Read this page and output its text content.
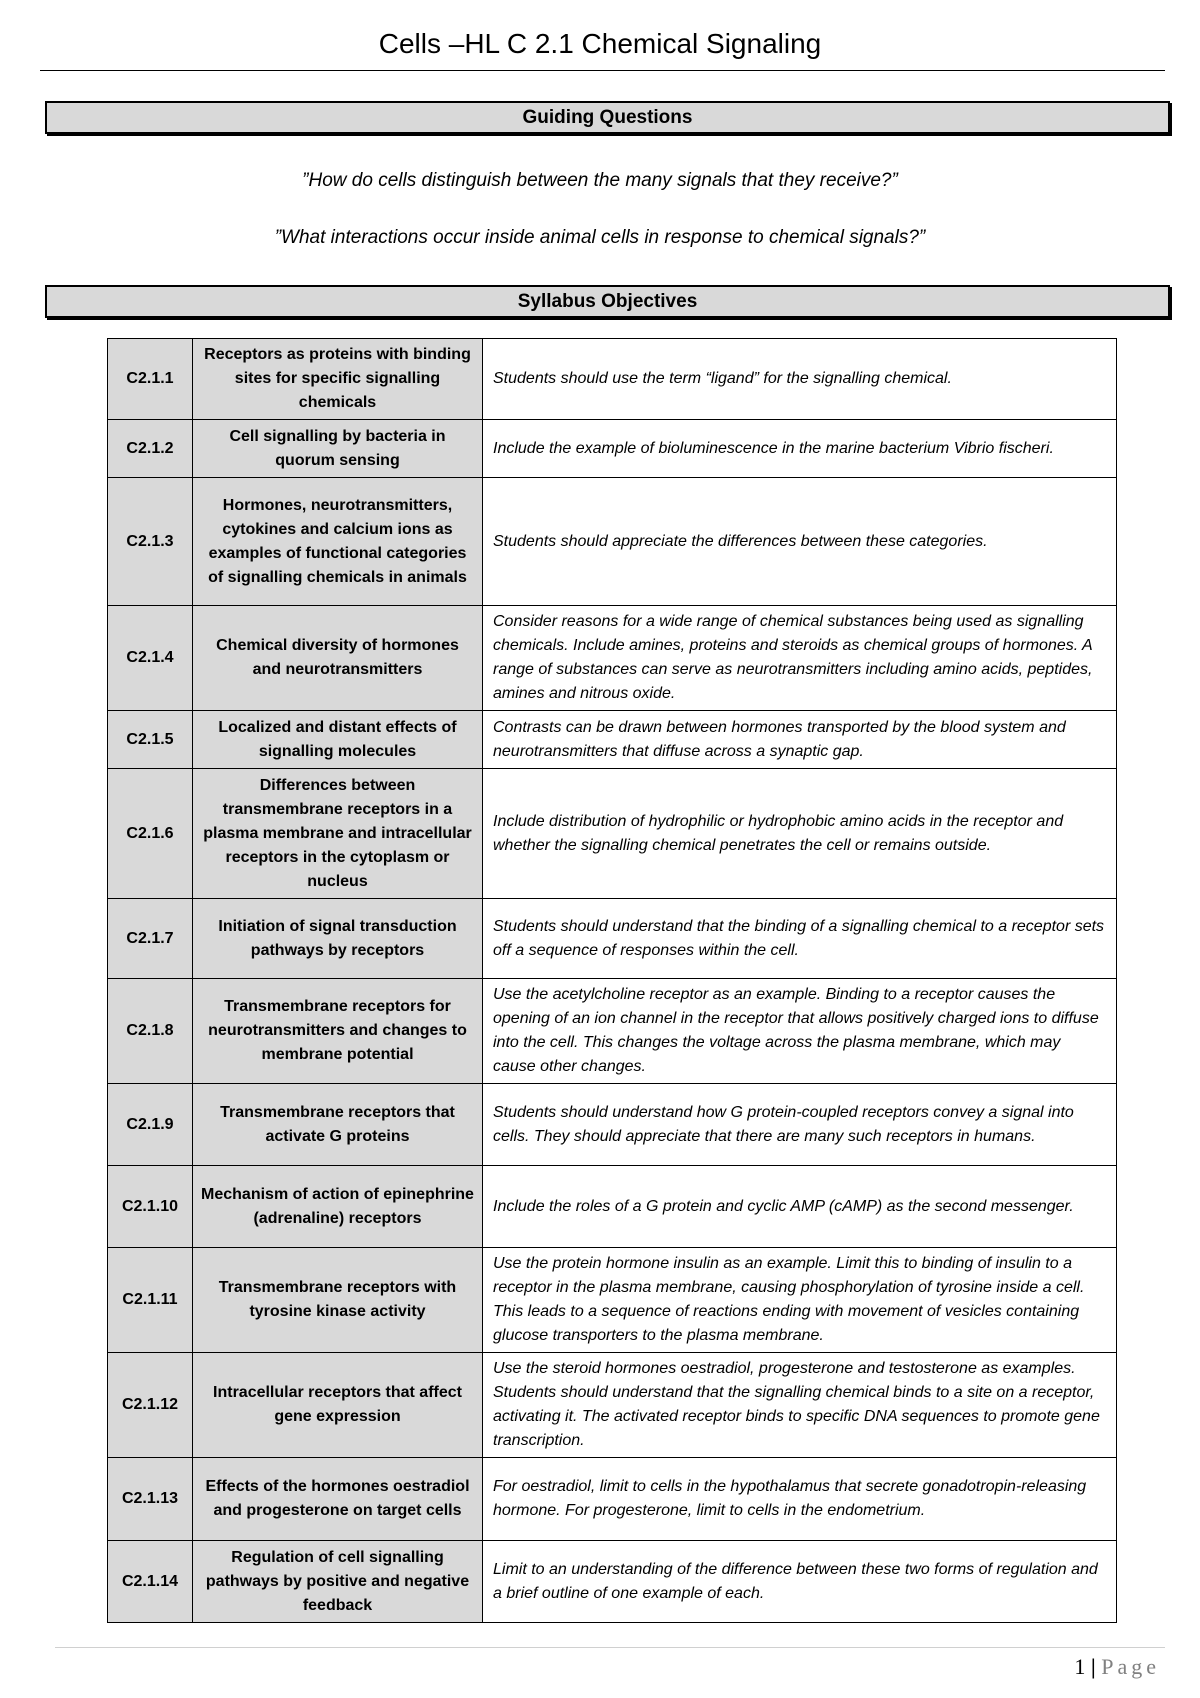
Cells –HL C 2.1 Chemical Signaling
Guiding Questions
”How do cells distinguish between the many signals that they receive?”
”What interactions occur inside animal cells in response to chemical signals?”
Syllabus Objectives
C2.1.1	Receptors as proteins with binding sites for specific signalling chemicals	Students should use the term “ligand” for the signalling chemical.
C2.1.2	Cell signalling by bacteria in quorum sensing	Include the example of bioluminescence in the marine bacterium Vibrio fischeri.
C2.1.3	Hormones, neurotransmitters, cytokines and calcium ions as examples of functional categories of signalling chemicals in animals	Students should appreciate the differences between these categories.
C2.1.4	Chemical diversity of hormones and neurotransmitters	Consider reasons for a wide range of chemical substances being used as signalling chemicals. Include amines, proteins and steroids as chemical groups of hormones. A range of substances can serve as neurotransmitters including amino acids, peptides, amines and nitrous oxide.
C2.1.5	Localized and distant effects of signalling molecules	Contrasts can be drawn between hormones transported by the blood system and neurotransmitters that diffuse across a synaptic gap.
C2.1.6	Differences between transmembrane receptors in a plasma membrane and intracellular receptors in the cytoplasm or nucleus	Include distribution of hydrophilic or hydrophobic amino acids in the receptor and whether the signalling chemical penetrates the cell or remains outside.
C2.1.7	Initiation of signal transduction pathways by receptors	Students should understand that the binding of a signalling chemical to a receptor sets off a sequence of responses within the cell.
C2.1.8	Transmembrane receptors for neurotransmitters and changes to membrane potential	Use the acetylcholine receptor as an example. Binding to a receptor causes the opening of an ion channel in the receptor that allows positively charged ions to diffuse into the cell. This changes the voltage across the plasma membrane, which may cause other changes.
C2.1.9	Transmembrane receptors that activate G proteins	Students should understand how G protein-coupled receptors convey a signal into cells. They should appreciate that there are many such receptors in humans.
C2.1.10	Mechanism of action of epinephrine (adrenaline) receptors	Include the roles of a G protein and cyclic AMP (cAMP) as the second messenger.
C2.1.11	Transmembrane receptors with tyrosine kinase activity	Use the protein hormone insulin as an example. Limit this to binding of insulin to a receptor in the plasma membrane, causing phosphorylation of tyrosine inside a cell. This leads to a sequence of reactions ending with movement of vesicles containing glucose transporters to the plasma membrane.
C2.1.12	Intracellular receptors that affect gene expression	Use the steroid hormones oestradiol, progesterone and testosterone as examples. Students should understand that the signalling chemical binds to a site on a receptor, activating it. The activated receptor binds to specific DNA sequences to promote gene transcription.
C2.1.13	Effects of the hormones oestradiol and progesterone on target cells	For oestradiol, limit to cells in the hypothalamus that secrete gonadotropin-releasing hormone. For progesterone, limit to cells in the endometrium.
C2.1.14	Regulation of cell signalling pathways by positive and negative feedback	Limit to an understanding of the difference between these two forms of regulation and a brief outline of one example of each.
1 | Page
